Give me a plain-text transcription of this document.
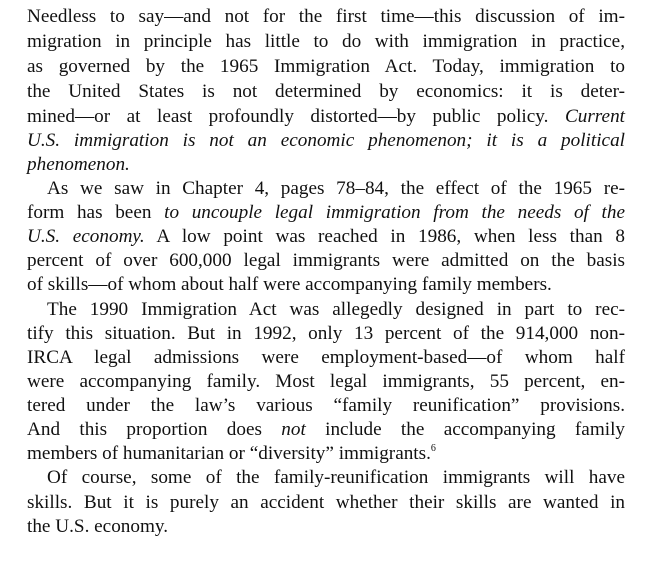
Needless to say—and not for the first time—this discussion of im-
migration in principle has little to do with immigration in practice,
as governed by the 1965 Immigration Act. Today, immigration to
the United States is not determined by economics: it is deter-
mined—or at least profoundly distorted—by public policy. Current
U.S. immigration is not an economic phenomenon; it is a political
phenomenon.
As we saw in Chapter 4, pages 78–84, the effect of the 1965 re-
form has been to uncouple legal immigration from the needs of the
U.S. economy. A low point was reached in 1986, when less than 8
percent of over 600,000 legal immigrants were admitted on the basis
of skills—of whom about half were accompanying family members.
The 1990 Immigration Act was allegedly designed in part to rec-
tify this situation. But in 1992, only 13 percent of the 914,000 non-
IRCA legal admissions were employment-based—of whom half
were accompanying family. Most legal immigrants, 55 percent, en-
tered under the law’s various “family reunification” provisions.
And this proportion does not include the accompanying family
members of humanitarian or “diversity” immigrants.$^6$
Of course, some of the family-reunification immigrants will have
skills. But it is purely an accident whether their skills are wanted in
the U.S. economy.
